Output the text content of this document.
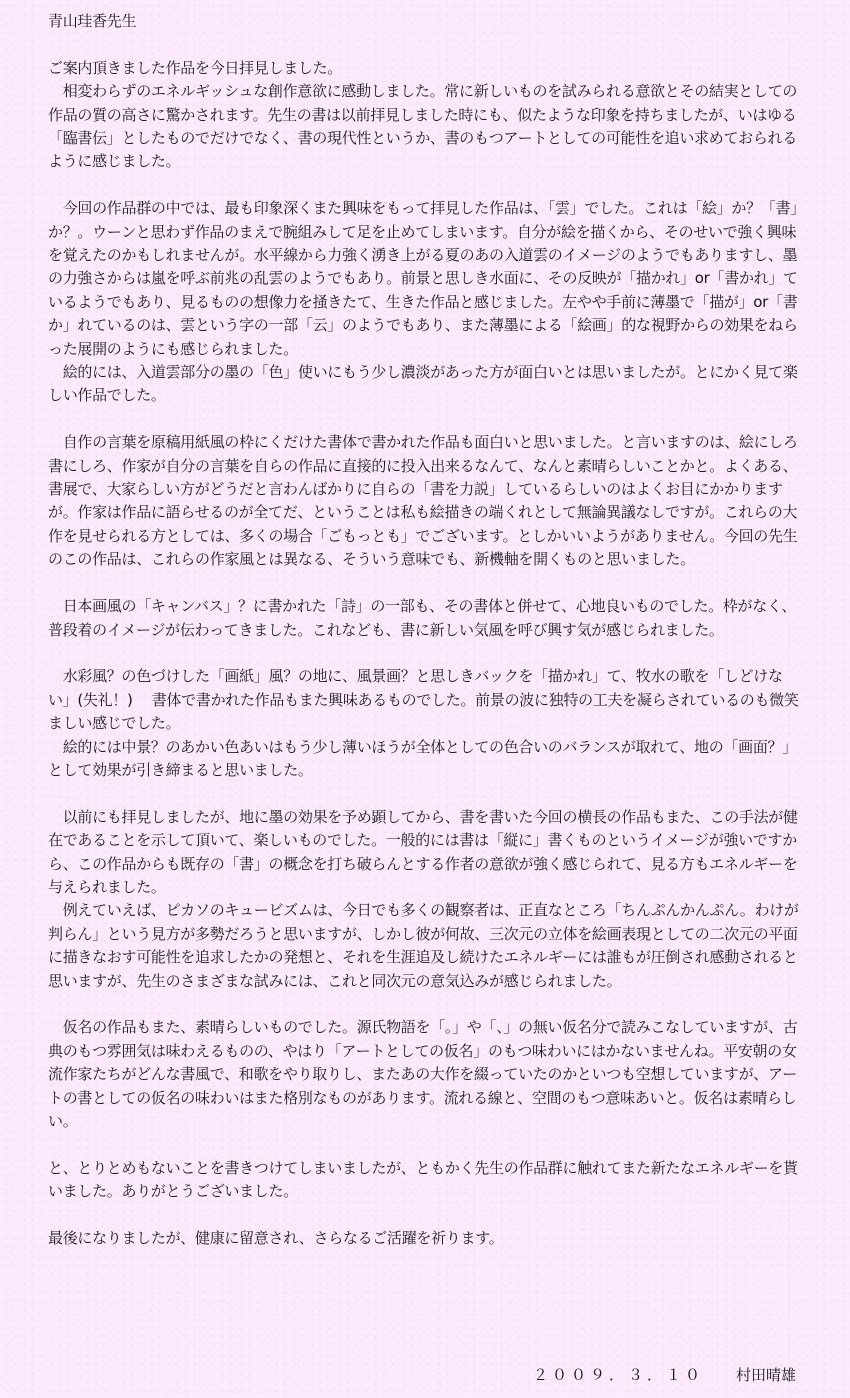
青山珪香先生

ご案内頂きました作品を今日拝見しました。

　相変わらずのエネルギッシュな創作意欲に感動しました。常に新しいものを試みられる意欲とその結実としての作品の質の高さに驚かされます。先生の書は以前拝見しました時にも、似たような印象を持ちましたが、いはゆる「臨書伝」としたものでだけでなく、書の現代性というか、書のもつアートとしての可能性を追い求めておられるように感じました。

　今回の作品群の中では、最も印象深くまた興味をもって拝見した作品は、「雲」でした。これは「絵」か？「書」か？。ウーンと思わず作品のまえで腕組みして足を止めてしまいます。自分が絵を描くから、そのせいで強く興味を覚えたのかもしれませんが。水平線から力強く湧き上がる夏のあの入道雲のイメージのようでもありますし、墨の力強さからは嵐を呼ぶ前兆の乱雲のようでもあり。前景と思しき水面に、その反映が「描かれ」or「書かれ」ているようでもあり、見るものの想像力を掻きたて、生きた作品と感じました。左やや手前に薄墨で「描が」or「書か」れているのは、雲という字の一部「云」のようでもあり、また薄墨による「絵画」的な視野からの効果をねらった展開のようにも感じられました。

　絵的には、入道雲部分の墨の「色」使いにもう少し濃淡があった方が面白いとは思いましたが。とにかく見て楽しい作品でした。

　自作の言葉を原稿用紙風の枠にくだけた書体で書かれた作品も面白いと思いました。と言いますのは、絵にしろ書にしろ、作家が自分の言葉を自らの作品に直接的に投入出来るなんて、なんと素晴らしいことかと。よくある、書展で、大家らしい方がどうだと言わんばかりに自らの「書を力説」しているらしいのはよくお目にかかりますが。作家は作品に語らせるのが全てだ、ということは私も絵描きの端くれとして無論異議なしですが。これらの大作を見せられる方としては、多くの場合「ごもっとも」でございます。としかいいようがありません。今回の先生のこの作品は、これらの作家風とは異なる、そういう意味でも、新機軸を開くものと思いました。

　日本画風の「キャンバス」？に書かれた「詩」の一部も、その書体と併せて、心地良いものでした。枠がなく、普段着のイメージが伝わってきました。これなども、書に新しい気風を呼び興す気が感じられました。

　水彩風？の色づけした「画紙」風？の地に、風景画？と思しきバックを「描かれ」て、牧水の歌を「しどけない」(失礼！)　 書体で書かれた作品もまた興味あるものでした。前景の波に独特の工夫を凝らされているのも微笑ましい感じでした。

　絵的には中景？のあかい色あいはもう少し薄いほうが全体としての色合いのバランスが取れて、地の「画面？」として効果が引き締まると思いました。

　以前にも拝見しましたが、地に墨の効果を予め顕してから、書を書いた今回の横長の作品もまた、この手法が健在であることを示して頂いて、楽しいものでした。一般的には書は「縦に」書くものというイメージが強いですから、この作品からも既存の「書」の概念を打ち破らんとする作者の意欲が強く感じられて、見る方もエネルギーを与えられました。

　例えていえば、ピカソのキュービズムは、今日でも多くの観察者は、正直なところ「ちんぷんかんぷん。わけが判らん」という見方が多勢だろうと思いますが、しかし彼が何故、三次元の立体を絵画表現としての二次元の平面に描きなおす可能性を追求したかの発想と、それを生涯追及し続けたエネルギーには誰もが圧倒され感動されると思いますが、先生のさまざまな試みには、これと同次元の意気込みが感じられました。

　仮名の作品もまた、素晴らしいものでした。源氏物語を「。」や「、」の無い仮名分で読みこなしていますが、古典のもつ雰囲気は味わえるものの、やはり「アートとしての仮名」のもつ味わいにはかないませんね。平安朝の女流作家たちがどんな書風で、和歌をやり取りし、またあの大作を綴っていたのかといつも空想していますが、アートの書としての仮名の味わいはまた格別なものがあります。流れる線と、空間のもつ意味あいと。仮名は素晴らしい。

と、とりとめもないことを書きつけてしまいましたが、ともかく先生の作品群に触れてまた新たなエネルギーを貰いました。ありがとうございました。

最後になりましたが、健康に留意され、さらなるご活躍を祈ります。

２００９．３．１０ 村田晴雄
